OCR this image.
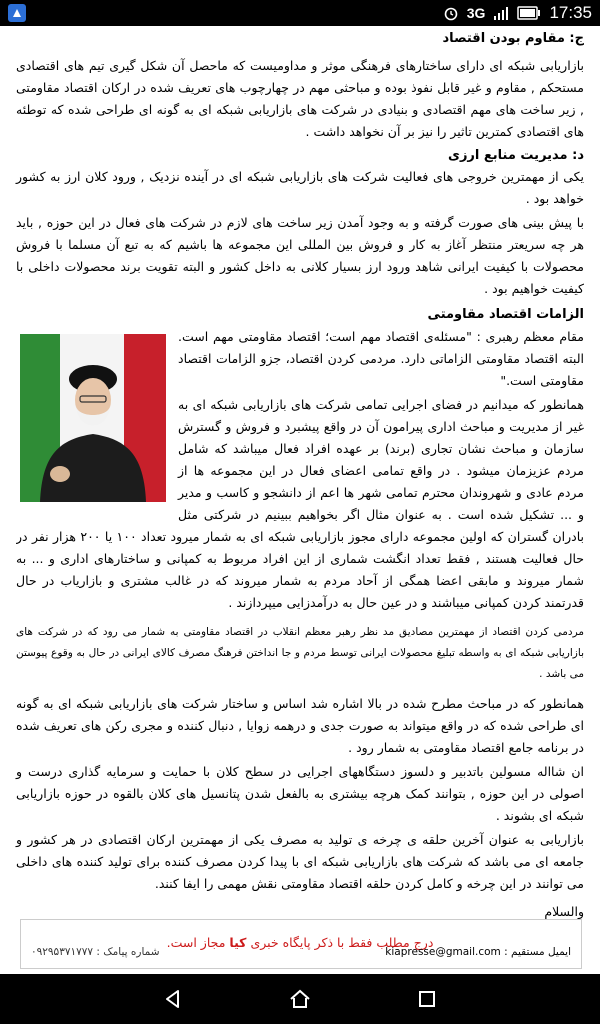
3G	17:35
ج: مقاوم بودن اقتصاد

بازاریابی شبکه ای دارای ساختارهای فرهنگی موثر و مداومیست که ماحصل آن شکل گیری تیم های اقتصادی مستحکم , مقاوم و غیر قابل نفوذ بوده و مباحثی مهم در چهارچوب های تعریف شده در ارکان اقتصاد مقاومتی , زیر ساخت های مهم اقتصادی و بنیادی در شرکت های بازاریابی شبکه ای به گونه ای طراحی شده که توطئه های اقتصادی کمترین تاثیر را نیز بر آن نخواهد داشت .

د: مدیریت منابع ارزی

یکی از مهمترین خروجی های فعالیت شرکت های بازاریابی شبکه ای در آینده نزدیک , ورود کلان ارز به کشور خواهد بود .

با پیش بینی های صورت گرفته و به وجود آمدن زیر ساخت های لازم در شرکت های فعال در این حوزه , باید هر چه سریعتر منتظر آغاز به کار و فروش بین المللی این مجموعه ها باشیم که به تبع آن مسلما با فروش محصولات با کیفیت ایرانی شاهد ورود ارز بسیار کلانی به داخل کشور و البته تقویت برند محصولات داخلی با کیفیت خواهیم بود .

الزامات اقتصاد مقاومتی

مقام معظم رهبری : "مسئله‌ی اقتصاد مهم است؛ اقتصاد مقاومتی مهم است. البته اقتصاد مقاومتی الزاماتی دارد. مردمی کردن اقتصاد، جزو الزامات اقتصاد مقاومتی است."

همانطور که میدانیم در فضای اجرایی تمامی شرکت های بازاریابی شبکه ای به غیر از مدیریت و مباحث اداری پیرامون آن در واقع پیشبرد و فروش و گسترش سازمان و مباحث نشان تجاری (برند) بر عهده افراد فعال میباشد که شامل مردم عزیزمان میشود . در واقع تمامی اعضای فعال در این مجموعه ها از مردم عادی و شهروندان محترم تمامی شهر ها اعم از دانشجو و کاسب و مدیر و ... تشکیل شده است . به عنوان مثال اگر بخواهیم ببینیم در شرکتی مثل بادران گستران که اولین مجموعه دارای مجوز بازاریابی شبکه ای به شمار میرود تعداد ۱۰۰ یا ۲۰۰ هزار نفر در حال فعالیت هستند , فقط تعداد انگشت شماری از این افراد مربوط به کمپانی و ساختارهای اداری و ... به شمار میروند و مابقی اعضا همگی از آحاد مردم به شمار میروند که در غالب مشتری و بازاریاب در حال قدرتمند کردن کمپانی میباشند و در عین حال به درآمدزایی میپردازند .

مردمی کردن اقتصاد از مهمترین مصادیق مد نظر رهبر معظم انقلاب در اقتصاد مقاومتی به شمار می رود که در شرکت های بازاریابی شبکه ای به واسطه تبلیغ محصولات ایرانی توسط مردم و جا انداختن فرهنگ مصرف کالای ایرانی در حال به وقوع پیوستن می باشد .

همانطور که در مباحث مطرح شده در بالا اشاره شد اساس و ساختار شرکت های بازاریابی شبکه ای به گونه ای طراحی شده که در واقع میتواند به صورت جدی و درهمه زوایا , دنبال کننده و مجری رکن های تعریف شده در برنامه جامع اقتصاد مقاومتی به شمار رود .

ان شااله مسولین باتدبیر و دلسوز دستگاههای اجرایی در سطح کلان با حمایت و سرمایه گذاری درست و اصولی در این حوزه , بتوانند کمک هرچه بیشتری به بالفعل شدن پتانسیل های کلان بالقوه در حوزه بازاریابی شبکه ای بشوند .

بازاریابی به عنوان آخرین حلقه ی چرخه ی تولید به مصرف یکی از مهمترین ارکان اقتصادی در هر کشور و جامعه ای می باشد که شرکت های بازاریابی شبکه ای با پیدا کردن مصرف کننده برای تولید کننده های داخلی می توانند در این چرخه و کامل کردن حلقه اقتصاد مقاومتی نقش مهمی را ایفا کنند.

والسلام
درج مطلب فقط با ذکر پایگاه خبری کیا مجاز است.
ایمیل مستقیم :

kiapresse@gmail.com
شماره پیامک : ۰۹۲۹۵۳۷۱۷۷۷
